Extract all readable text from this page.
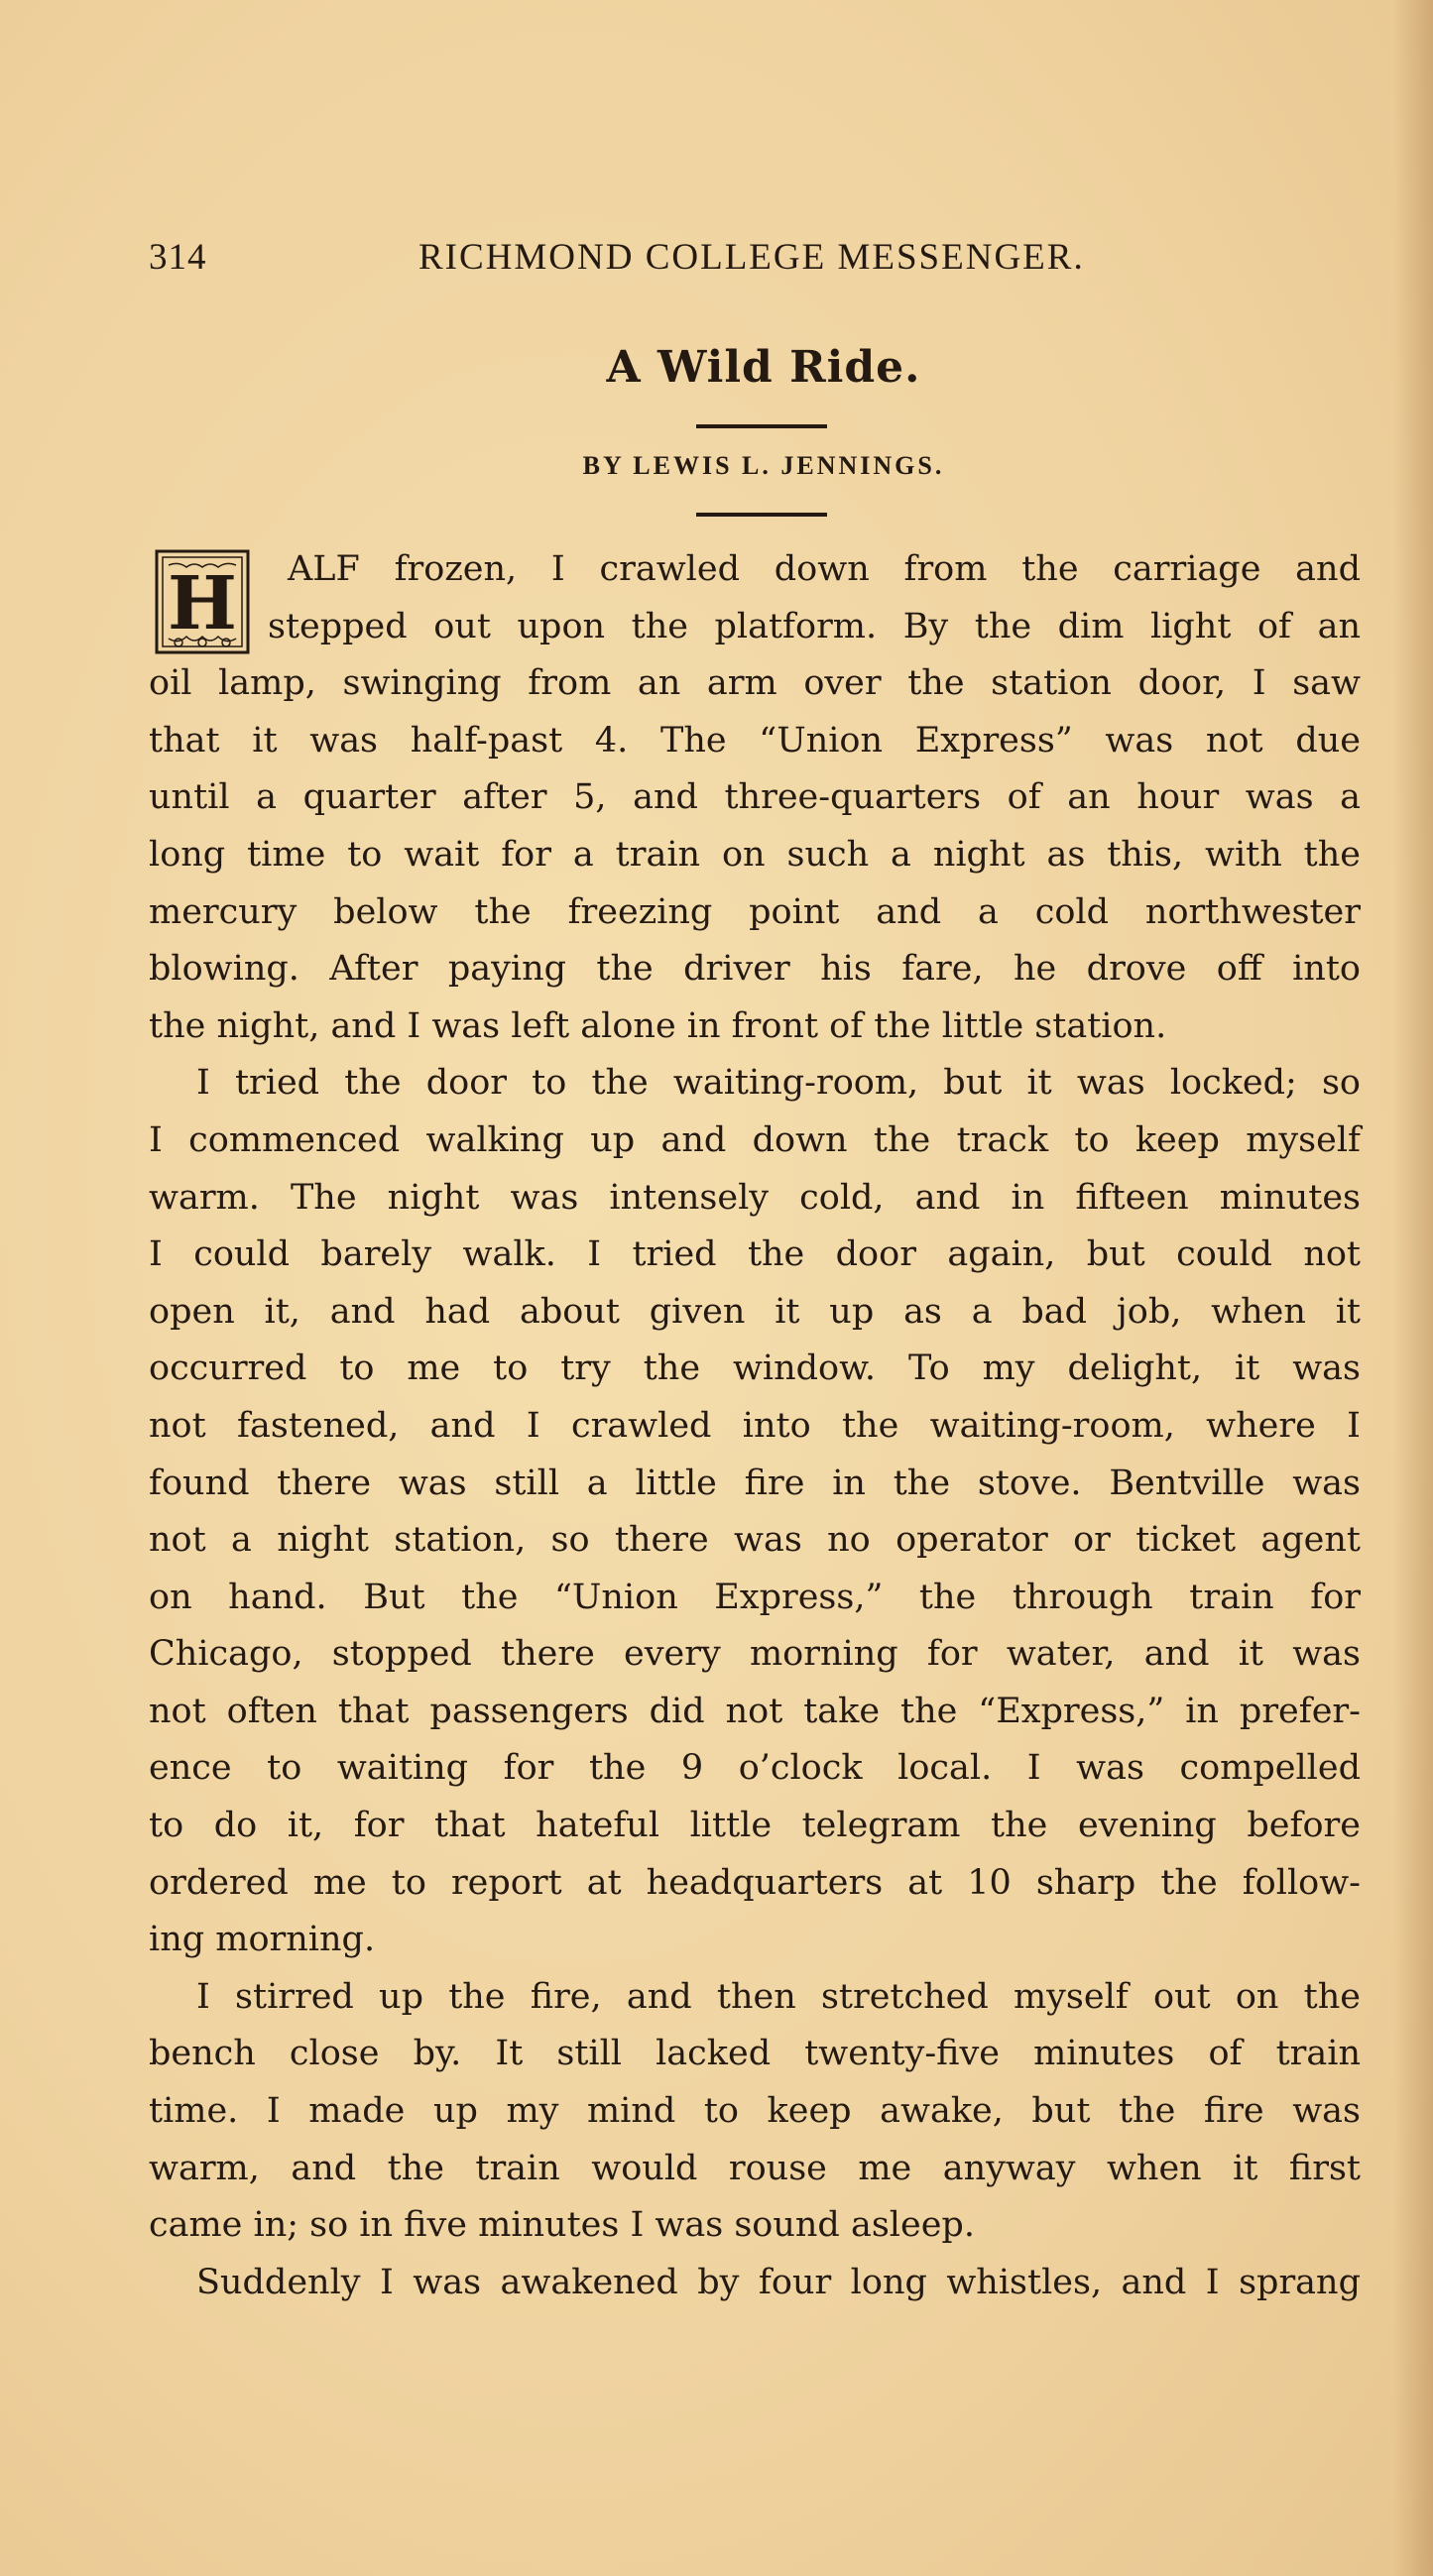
314	RICHMOND COLLEGE MESSENGER.
A Wild Ride.
BY LEWIS L. JENNINGS.
H	ALF frozen, I crawled down from the carriage and
stepped out upon the platform. By the dim light of an
oil lamp, swinging from an arm over the station door, I saw
that it was half-past 4. The “Union Express” was not due
until a quarter after 5, and three-quarters of an hour was a
long time to wait for a train on such a night as this, with the
mercury below the freezing point and a cold northwester
blowing. After paying the driver his fare, he drove off into
the night, and I was left alone in front of the little station.
I tried the door to the waiting-room, but it was locked; so
I commenced walking up and down the track to keep myself
warm. The night was intensely cold, and in fifteen minutes
I could barely walk. I tried the door again, but could not
open it, and had about given it up as a bad job, when it
occurred to me to try the window. To my delight, it was
not fastened, and I crawled into the waiting-room, where I
found there was still a little fire in the stove. Bentville was
not a night station, so there was no operator or ticket agent
on hand. But the “Union Express,” the through train for
Chicago, stopped there every morning for water, and it was
not often that passengers did not take the “Express,” in prefer-
ence to waiting for the 9 o’clock local. I was compelled
to do it, for that hateful little telegram the evening before
ordered me to report at headquarters at 10 sharp the follow-
ing morning.
I stirred up the fire, and then stretched myself out on the
bench close by. It still lacked twenty-five minutes of train
time. I made up my mind to keep awake, but the fire was
warm, and the train would rouse me anyway when it first
came in; so in five minutes I was sound asleep.
Suddenly I was awakened by four long whistles, and I sprang
